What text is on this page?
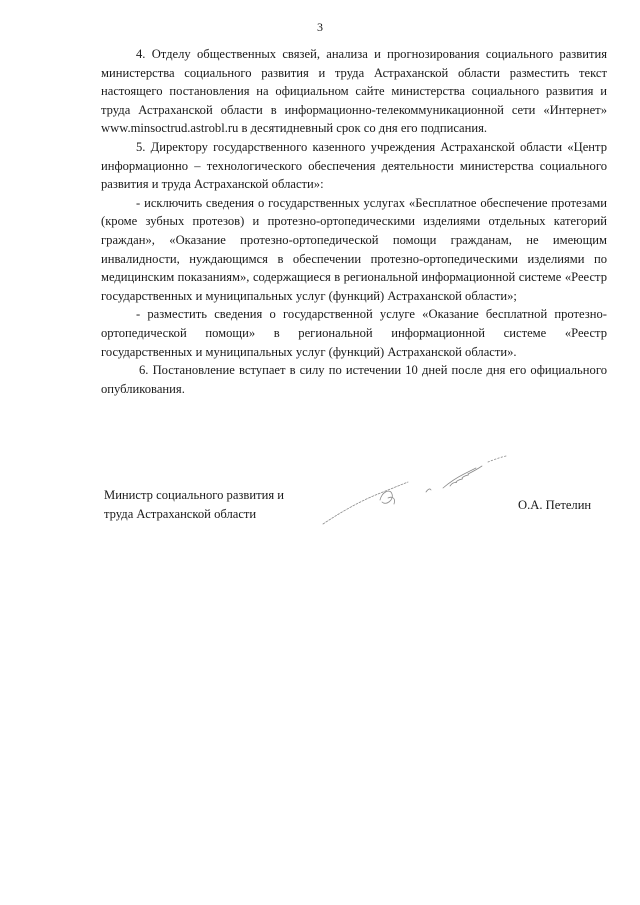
3

4. Отделу общественных связей, анализа и прогнозирования социального развития министерства социального развития и труда Астраханской области разместить текст настоящего постановления на официальном сайте министерства социального развития и труда Астраханской области в информационно-телекоммуникационной сети «Интернет» www.minsoctrud.astrobl.ru в десятидневный срок со дня его подписания.

5. Директору государственного казенного учреждения Астраханской области «Центр информационно – технологического обеспечения деятельности министерства социального развития и труда Астраханской области»:

- исключить сведения о государственных услугах «Бесплатное обеспечение протезами (кроме зубных протезов) и протезно-ортопедическими изделиями отдельных категорий граждан», «Оказание протезно-ортопедической помощи гражданам, не имеющим инвалидности, нуждающимся в обеспечении протезно-ортопедическими изделиями по медицинским показаниям», содержащиеся в региональной информационной системе «Реестр государственных и муниципальных услуг (функций) Астраханской области»;

- разместить сведения о государственной услуге «Оказание бесплатной протезно-ортопедической помощи» в региональной информационной системе «Реестр государственных и муниципальных услуг (функций) Астраханской области».

6. Постановление вступает в силу по истечении 10 дней после дня его официального опубликования.

Министр социального развития и
труда Астраханской области
О.А. Петелин
